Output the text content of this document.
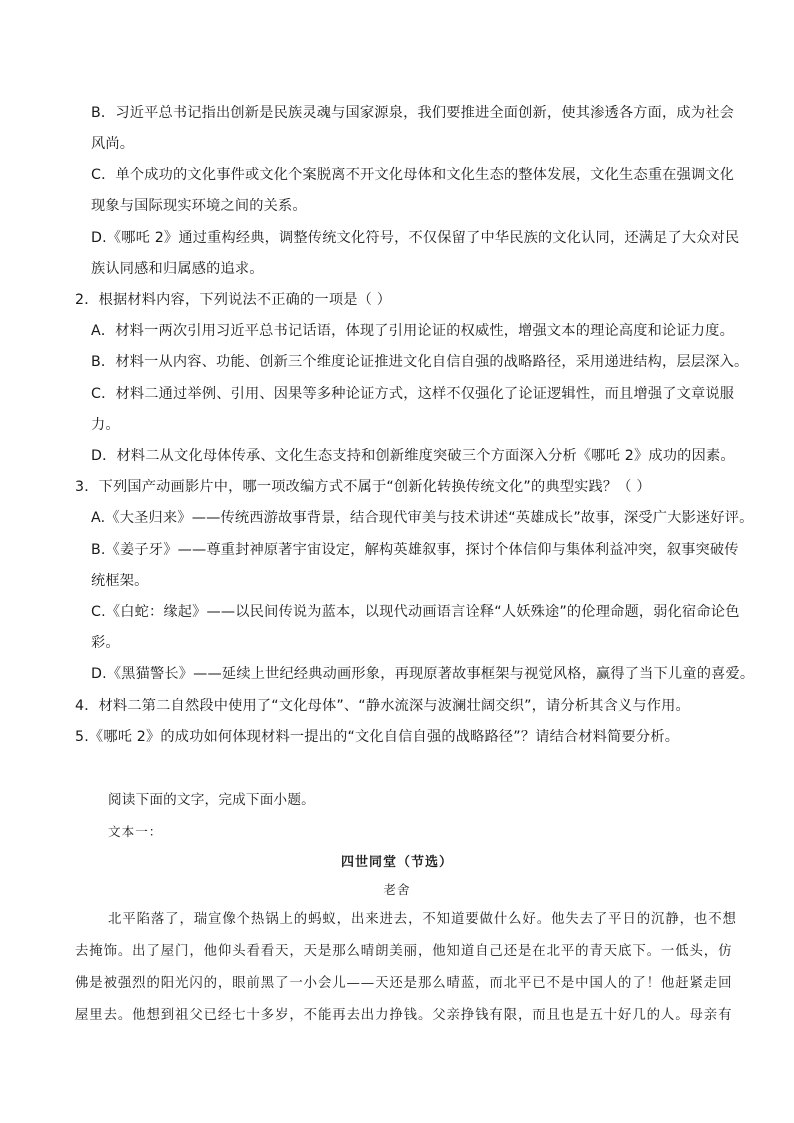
B．习近平总书记指出创新是民族灵魂与国家源泉，我们要推进全面创新，使其渗透各方面，成为社会
风尚。
C．单个成功的文化事件或文化个案脱离不开文化母体和文化生态的整体发展，文化生态重在强调文化
现象与国际现实环境之间的关系。
D.《哪吒 2》通过重构经典，调整传统文化符号，不仅保留了中华民族的文化认同，还满足了大众对民
族认同感和归属感的追求。
2．根据材料内容，下列说法不正确的一项是（ ）
A．材料一两次引用习近平总书记话语，体现了引用论证的权威性，增强文本的理论高度和论证力度。
B．材料一从内容、功能、创新三个维度论证推进文化自信自强的战略路径，采用递进结构，层层深入。
C．材料二通过举例、引用、因果等多种论证方式，这样不仅强化了论证逻辑性，而且增强了文章说服
力。
D．材料二从文化母体传承、文化生态支持和创新维度突破三个方面深入分析《哪吒 2》成功的因素。
3．下列国产动画影片中，哪一项改编方式不属于“创新化转换传统文化”的典型实践？（ ）
A.《大圣归来》——传统西游故事背景，结合现代审美与技术讲述“英雄成长”故事，深受广大影迷好评。
B.《姜子牙》——尊重封神原著宇宙设定，解构英雄叙事，探讨个体信仰与集体利益冲突，叙事突破传
统框架。
C.《白蛇：缘起》——以民间传说为蓝本，以现代动画语言诠释“人妖殊途”的伦理命题，弱化宿命论色
彩。
D.《黑猫警长》——延续上世纪经典动画形象，再现原著故事框架与视觉风格，赢得了当下儿童的喜爱。
4．材料二第二自然段中使用了“文化母体”、“静水流深与波澜壮阔交织”，请分析其含义与作用。
5.《哪吒 2》的成功如何体现材料一提出的“文化自信自强的战略路径”？请结合材料简要分析。
阅读下面的文字，完成下面小题。
文本一：
四世同堂（节选）
老舍
北平陷落了，瑞宣像个热锅上的蚂蚁，出来进去，不知道要做什么好。他失去了平日的沉静，也不想
去掩饰。出了屋门，他仰头看看天，天是那么晴朗美丽，他知道自己还是在北平的青天底下。一低头，仿
佛是被强烈的阳光闪的，眼前黑了一小会儿——天还是那么晴蓝，而北平已不是中国人的了！他赶紧走回
屋里去。他想到祖父已经七十多岁，不能再去出力挣钱。父亲挣钱有限，而且也是五十好几的人。母亲有
